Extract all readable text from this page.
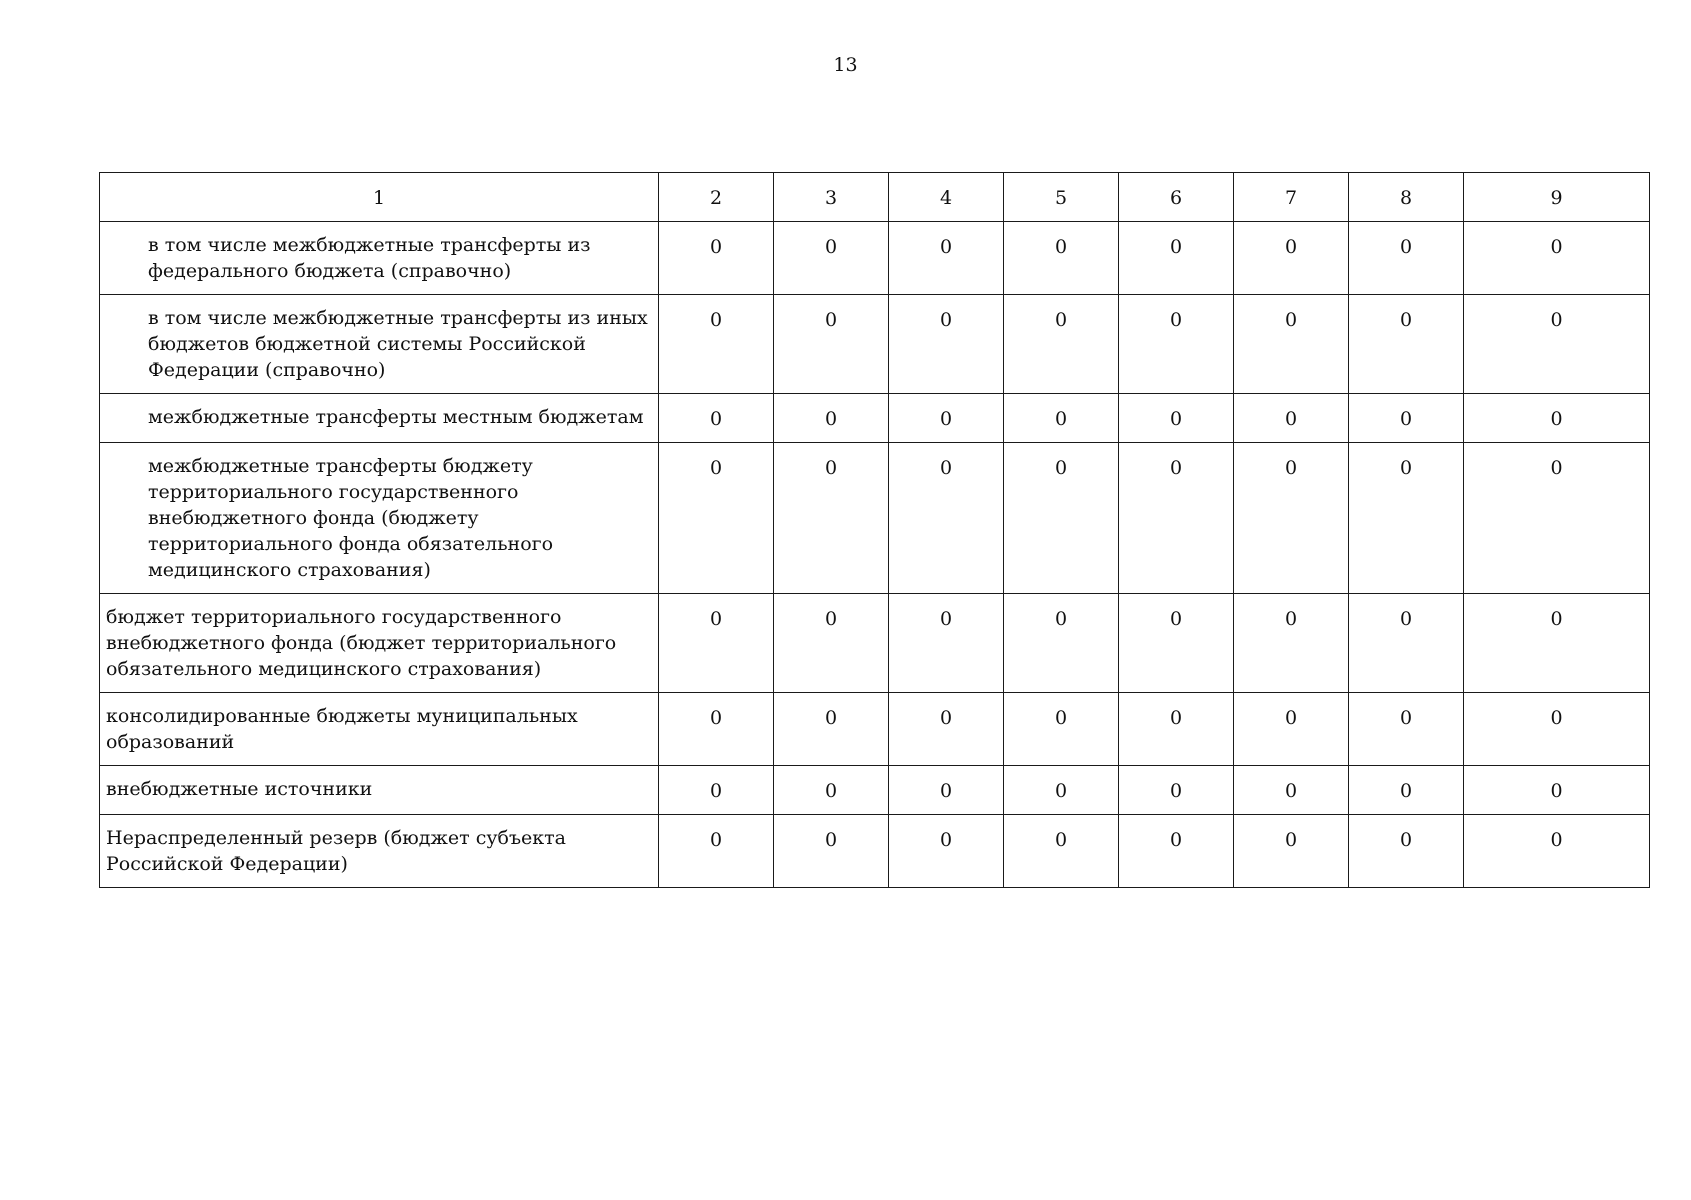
13
1	2	3	4	5	6	7	8	9
в том числе межбюджетные трансферты из федерального бюджета (справочно)	0	0	0	0	0	0	0	0
в том числе межбюджетные трансферты из иных бюджетов бюджетной системы Российской Федерации (справочно)	0	0	0	0	0	0	0	0
межбюджетные трансферты местным бюджетам	0	0	0	0	0	0	0	0
межбюджетные трансферты бюджету территориального государственного внебюджетного фонда (бюджету территориального фонда обязательного медицинского страхования)	0	0	0	0	0	0	0	0
бюджет территориального государственного внебюджетного фонда (бюджет территориального обязательного медицинского страхования)	0	0	0	0	0	0	0	0
консолидированные бюджеты муниципальных образований	0	0	0	0	0	0	0	0
внебюджетные источники	0	0	0	0	0	0	0	0
Нераспределенный резерв (бюджет субъекта Российской Федерации)	0	0	0	0	0	0	0	0
